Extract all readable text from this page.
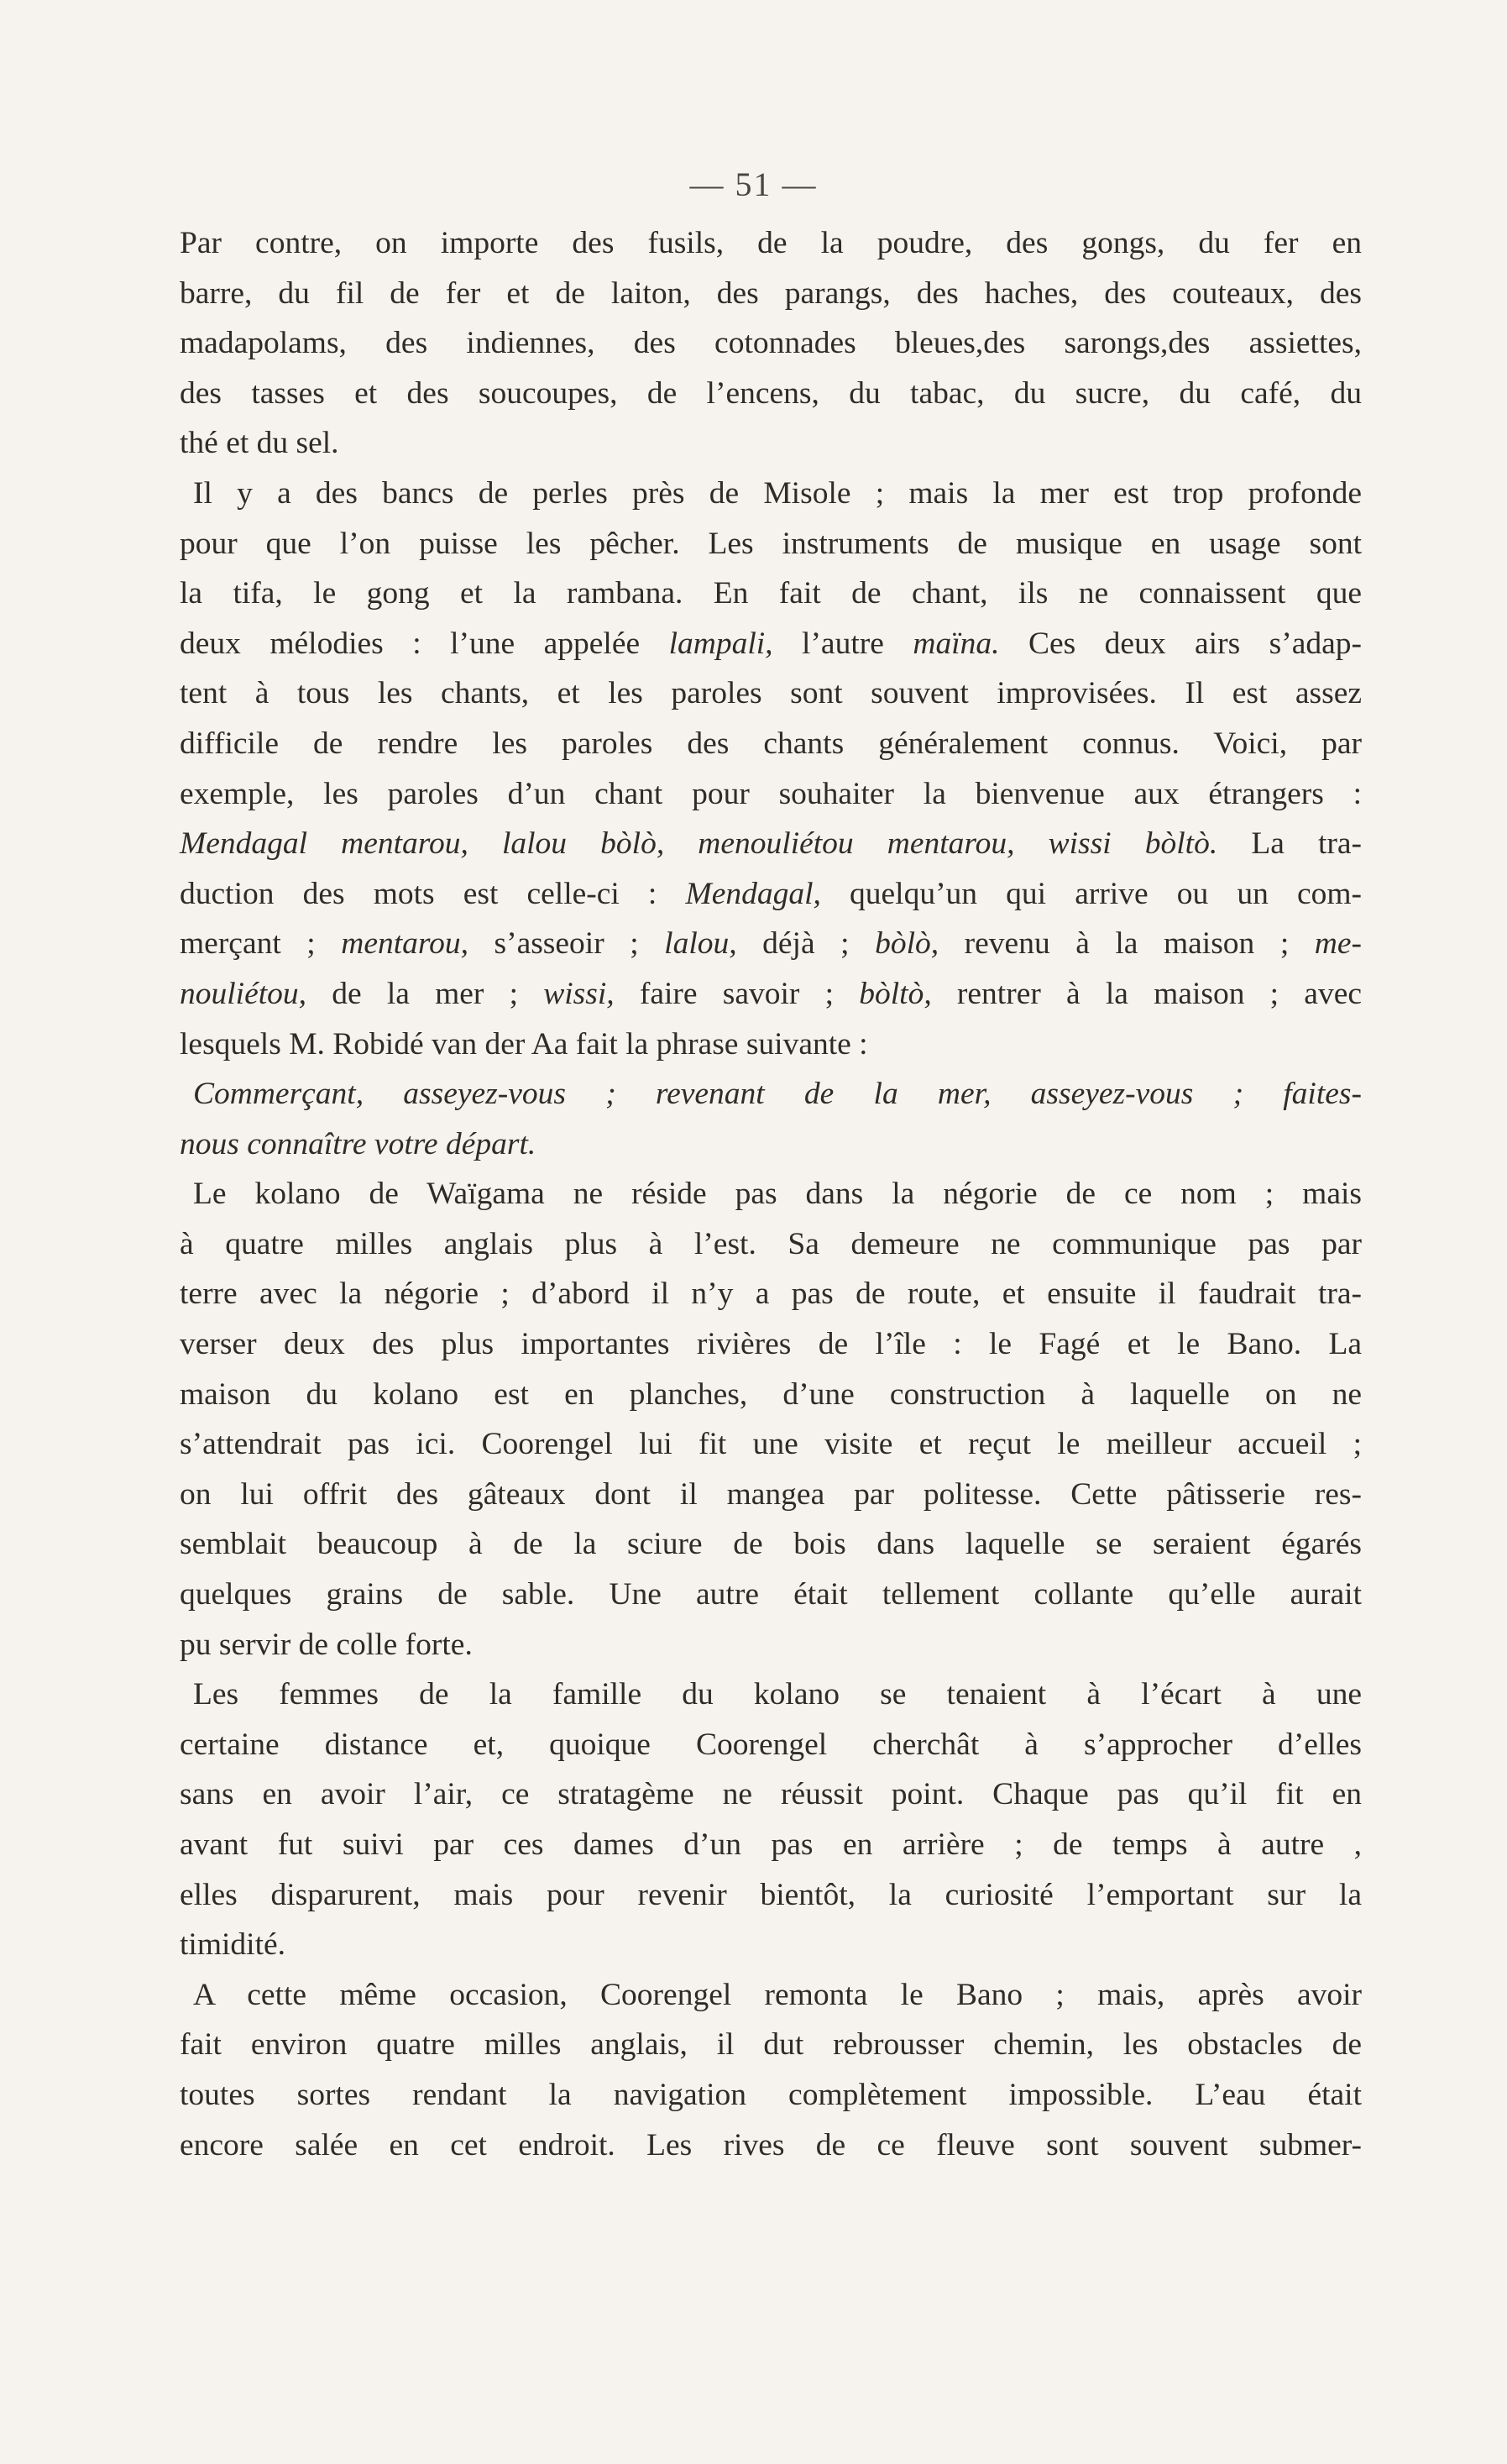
— 51 —
Par contre, on importe des fusils, de la poudre, des gongs, du fer en
barre, du fil de fer et de laiton, des parangs, des haches, des couteaux, des
madapolams, des indiennes, des cotonnades bleues,des sarongs,des assiettes,
des tasses et des soucoupes, de l’encens, du tabac, du sucre, du café, du
thé et du sel.
Il y a des bancs de perles près de Misole ; mais la mer est trop profonde
pour que l’on puisse les pêcher. Les instruments de musique en usage sont
la tifa, le gong et la rambana. En fait de chant, ils ne connaissent que
deux mélodies : l’une appelée lampali, l’autre maïna. Ces deux airs s’adap-
tent à tous les chants, et les paroles sont souvent improvisées. Il est assez
difficile de rendre les paroles des chants généralement connus. Voici, par
exemple, les paroles d’un chant pour souhaiter la bienvenue aux étrangers :
Mendagal mentarou, lalou bòlò, menouliétou mentarou, wissi bòltò. La tra-
duction des mots est celle-ci : Mendagal, quelqu’un qui arrive ou un com-
merçant ; mentarou, s’asseoir ; lalou, déjà ; bòlò, revenu à la maison ; me-
nouliétou, de la mer ; wissi, faire savoir ; bòltò, rentrer à la maison ; avec
lesquels M. Robidé van der Aa fait la phrase suivante :
Commerçant, asseyez-vous ; revenant de la mer, asseyez-vous ; faites-
nous connaître votre départ.
Le kolano de Waïgama ne réside pas dans la négorie de ce nom ; mais
à quatre milles anglais plus à l’est. Sa demeure ne communique pas par
terre avec la négorie ; d’abord il n’y a pas de route, et ensuite il faudrait tra-
verser deux des plus importantes rivières de l’île : le Fagé et le Bano. La
maison du kolano est en planches, d’une construction à laquelle on ne
s’attendrait pas ici. Coorengel lui fit une visite et reçut le meilleur accueil ;
on lui offrit des gâteaux dont il mangea par politesse. Cette pâtisserie res-
semblait beaucoup à de la sciure de bois dans laquelle se seraient égarés
quelques grains de sable. Une autre était tellement collante qu’elle aurait
pu servir de colle forte.
Les femmes de la famille du kolano se tenaient à l’écart à une
certaine distance et, quoique Coorengel cherchât à s’approcher d’elles
sans en avoir l’air, ce stratagème ne réussit point. Chaque pas qu’il fit en
avant fut suivi par ces dames d’un pas en arrière ; de temps à autre ,
elles disparurent, mais pour revenir bientôt, la curiosité l’emportant sur la
timidité.
A cette même occasion, Coorengel remonta le Bano ; mais, après avoir
fait environ quatre milles anglais, il dut rebrousser chemin, les obstacles de
toutes sortes rendant la navigation complètement impossible. L’eau était
encore salée en cet endroit. Les rives de ce fleuve sont souvent submer-
